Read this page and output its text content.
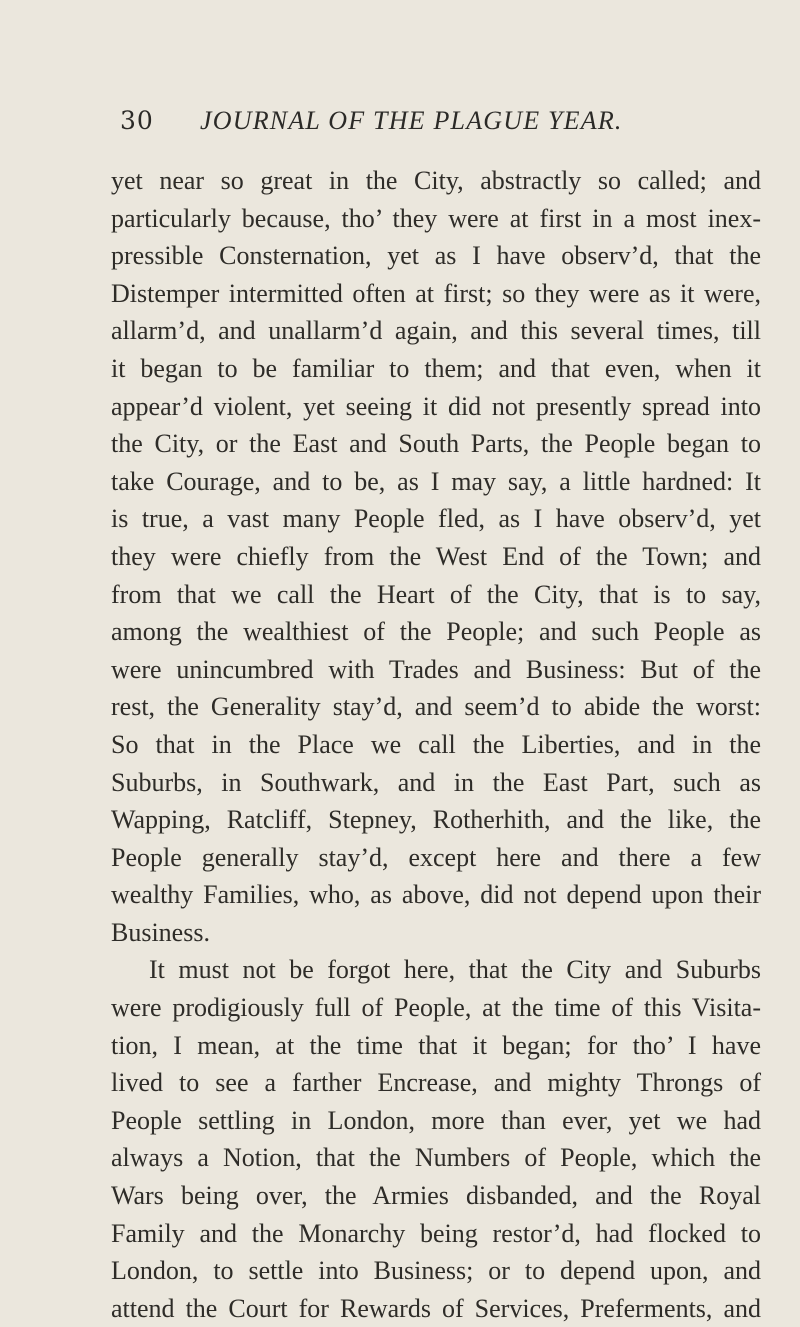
30 JOURNAL OF THE PLAGUE YEAR.
yet near so great in the City, abstractly so called; and
particularly because, tho’ they were at first in a most inex-
pressible Consternation, yet as I have observ’d, that the
Distemper intermitted often at first; so they were as it were,
allarm’d, and unallarm’d again, and this several times, till
it began to be familiar to them; and that even, when it
appear’d violent, yet seeing it did not presently spread into
the City, or the East and South Parts, the People began to
take Courage, and to be, as I may say, a little hardned: It
is true, a vast many People fled, as I have observ’d, yet
they were chiefly from the West End of the Town; and
from that we call the Heart of the City, that is to say,
among the wealthiest of the People; and such People as
were unincumbred with Trades and Business: But of the
rest, the Generality stay’d, and seem’d to abide the worst:
So that in the Place we call the Liberties, and in the
Suburbs, in Southwark, and in the East Part, such as
Wapping, Ratcliff, Stepney, Rotherhith, and the like, the
People generally stay’d, except here and there a few
wealthy Families, who, as above, did not depend upon their
Business.
It must not be forgot here, that the City and Suburbs
were prodigiously full of People, at the time of this Visita-
tion, I mean, at the time that it began; for tho’ I have
lived to see a farther Encrease, and mighty Throngs of
People settling in London, more than ever, yet we had
always a Notion, that the Numbers of People, which the
Wars being over, the Armies disbanded, and the Royal
Family and the Monarchy being restor’d, had flocked to
London, to settle into Business; or to depend upon, and
attend the Court for Rewards of Services, Preferments, and
